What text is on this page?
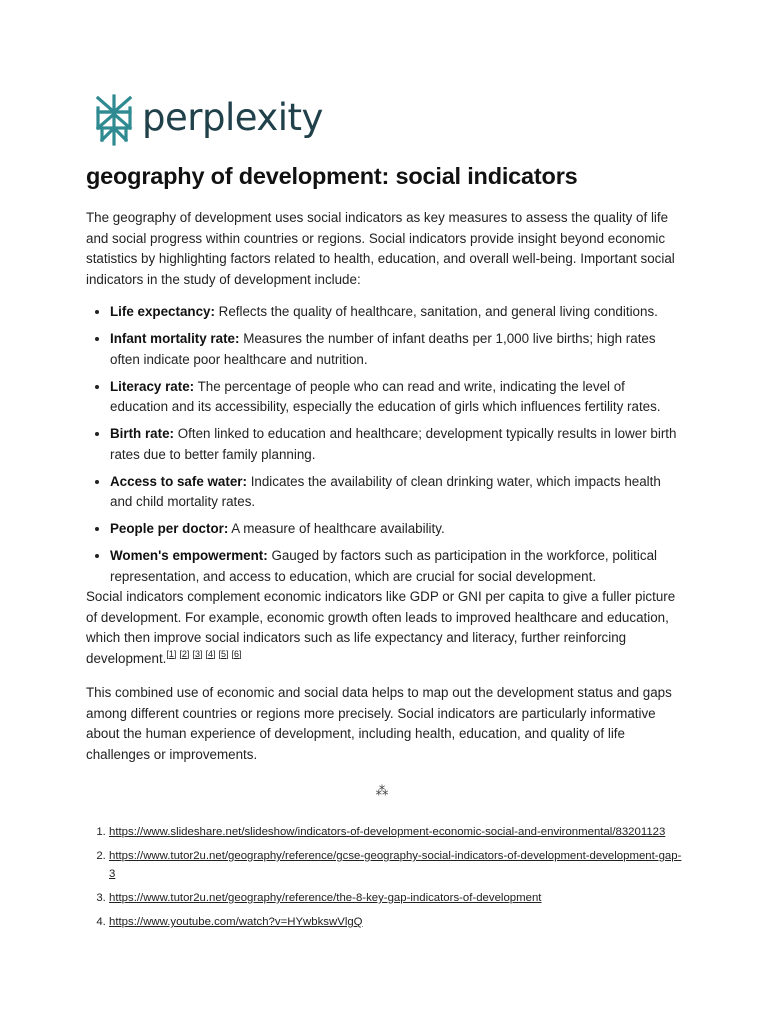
perplexity
geography of development: social indicators

The geography of development uses social indicators as key measures to assess the quality of life and social progress within countries or regions. Social indicators provide insight beyond economic statistics by highlighting factors related to health, education, and overall well-being. Important social indicators in the study of development include:

• Life expectancy: Reflects the quality of healthcare, sanitation, and general living conditions.
• Infant mortality rate: Measures the number of infant deaths per 1,000 live births; high rates often indicate poor healthcare and nutrition.
• Literacy rate: The percentage of people who can read and write, indicating the level of education and its accessibility, especially the education of girls which influences fertility rates.
• Birth rate: Often linked to education and healthcare; development typically results in lower birth rates due to better family planning.
• Access to safe water: Indicates the availability of clean drinking water, which impacts health and child mortality rates.
• People per doctor: A measure of healthcare availability.
• Women's empowerment: Gauged by factors such as participation in the workforce, political representation, and access to education, which are crucial for social development.

Social indicators complement economic indicators like GDP or GNI per capita to give a fuller picture of development. For example, economic growth often leads to improved healthcare and education, which then improve social indicators such as life expectancy and literacy, further reinforcing development.[1] [2] [3] [4] [5] [6]

This combined use of economic and social data helps to map out the development status and gaps among different countries or regions more precisely. Social indicators are particularly informative about the human experience of development, including health, education, and quality of life challenges or improvements.

⁂
1. https://www.slideshare.net/slideshow/indicators-of-development-economic-social-and-environmental/83201123
2. https://www.tutor2u.net/geography/reference/gcse-geography-social-indicators-of-development-development-gap-3
3. https://www.tutor2u.net/geography/reference/the-8-key-gap-indicators-of-development
4. https://www.youtube.com/watch?v=HYwbkswVlgQ
